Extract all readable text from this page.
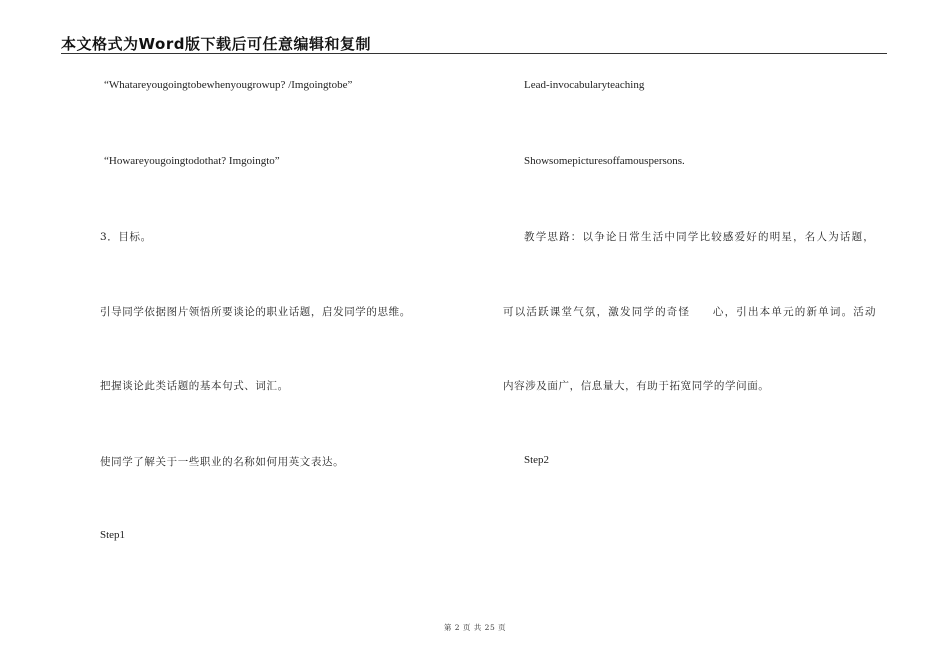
本文格式为Word版下载后可任意编辑和复制
“Whatareyougoingtobewhenyougrowup? /Imgoingtobe”
“Howareyougoingtodothat? Imgoingto”
3．目标。
引导同学依据图片领悟所要谈论的职业话题，启发同学的思维。
把握谈论此类话题的基本句式、词汇。
使同学了解关于一些职业的名称如何用英文表达。
Step1
Lead-invocabularyteaching
Showsomepicturesoffamouspersons.
教学思路：以争论日常生活中同学比较感爱好的明星，名人为话题，
可以活跃课堂气氛，激发同学的奇怪     心，引出本单元的新单词。活动
内容涉及面广，信息量大，有助于拓宽同学的学问面。
Step2
第 2 页 共 25 页
